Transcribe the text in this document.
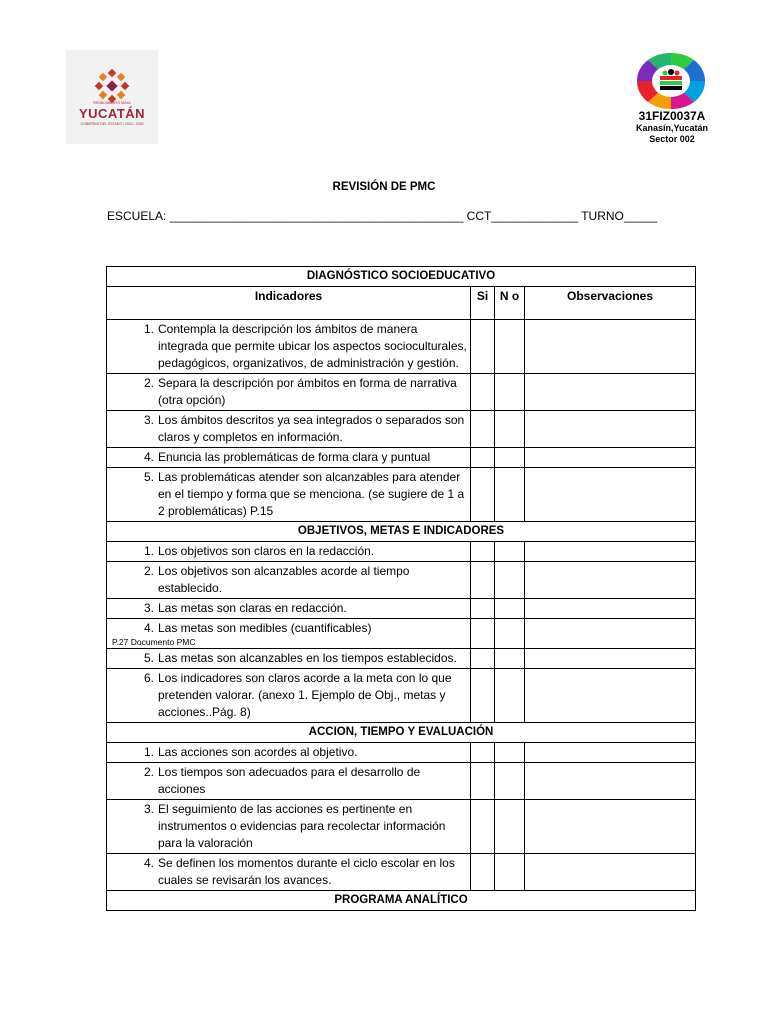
RENACIMIENTO MAYA
YUCATÁN
GOBIERNO DEL ESTADO | 2024 - 2030
31FIZ0037A
Kanasín,Yucatán
Sector 002
REVISIÓN DE PMC
ESCUELA: ____________________________________________ CCT_____________ TURNO_____
DIAGNÓSTICO SOCIOEDUCATIVO			
Indicadores	Si	N o	Observaciones

1. Contempla la descripción los ámbitos de manera integrada que permite ubicar los aspectos socioculturales, pedagógicos, organizativos, de administración y gestión.			

2. Separa la descripción por ámbitos en forma de narrativa (otra opción)			

3. Los ámbitos descritos ya sea integrados o separados son claros y completos en información.			

4. Enuncia las problemáticas de forma clara y puntual			

5. Las problemáticas atender son alcanzables para atender en el tiempo y forma que se menciona. (se sugiere de 1 a 2 problemáticas) P.15			

OBJETIVOS, METAS E INDICADORES			

1. Los objetivos son claros en la redacción.			

2. Los objetivos son alcanzables acorde al tiempo establecido.			

3. Las metas son claras en redacción.			

4. Las metas son medibles (cuantificables)
P.27 Documento PMC			

5. Las metas son alcanzables en los tiempos establecidos.			

6. Los indicadores son claros acorde a la meta con lo que pretenden valorar. (anexo 1. Ejemplo de Obj., metas y acciones..Pág. 8)			

ACCION, TIEMPO Y EVALUACIÓN			

1. Las acciones son acordes al objetivo.			

2. Los tiempos son adecuados para el desarrollo de acciones			

3. El seguimiento de las acciones es pertinente en instrumentos o evidencias para recolectar información para la valoración			

4. Se definen los momentos durante el ciclo escolar en los cuales se revisarán los avances.			

PROGRAMA ANALÍTICO			
